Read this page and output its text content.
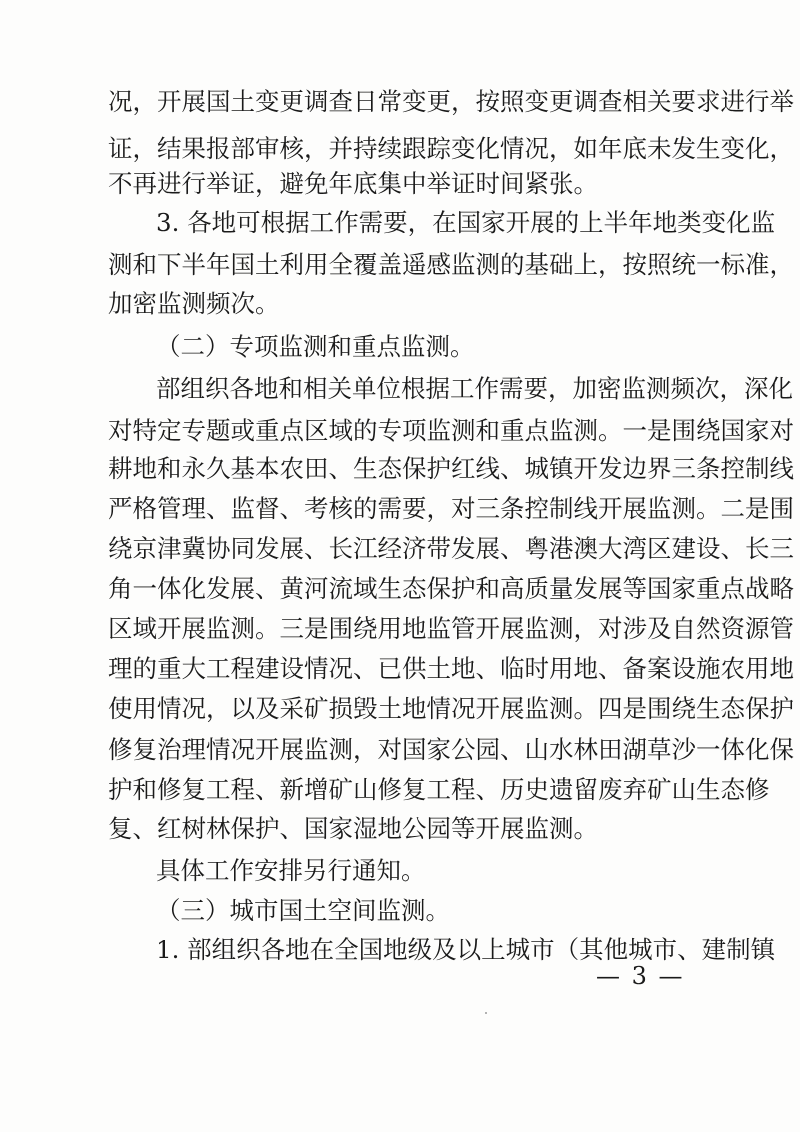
况，开展国土变更调查日常变更，按照变更调查相关要求进行举
证，结果报部审核，并持续跟踪变化情况，如年底未发生变化，
不再进行举证，避免年底集中举证时间紧张。
3. 各地可根据工作需要，在国家开展的上半年地类变化监
测和下半年国土利用全覆盖遥感监测的基础上，按照统一标准，
加密监测频次。
（二）专项监测和重点监测。
部组织各地和相关单位根据工作需要，加密监测频次，深化
对特定专题或重点区域的专项监测和重点监测。一是围绕国家对
耕地和永久基本农田、生态保护红线、城镇开发边界三条控制线
严格管理、监督、考核的需要，对三条控制线开展监测。二是围
绕京津冀协同发展、长江经济带发展、粤港澳大湾区建设、长三
角一体化发展、黄河流域生态保护和高质量发展等国家重点战略
区域开展监测。三是围绕用地监管开展监测，对涉及自然资源管
理的重大工程建设情况、已供土地、临时用地、备案设施农用地
使用情况，以及采矿损毁土地情况开展监测。四是围绕生态保护
修复治理情况开展监测，对国家公园、山水林田湖草沙一体化保
护和修复工程、新增矿山修复工程、历史遗留废弃矿山生态修
复、红树林保护、国家湿地公园等开展监测。
具体工作安排另行通知。
（三）城市国土空间监测。
1. 部组织各地在全国地级及以上城市（其他城市、建制镇
— 3 —
